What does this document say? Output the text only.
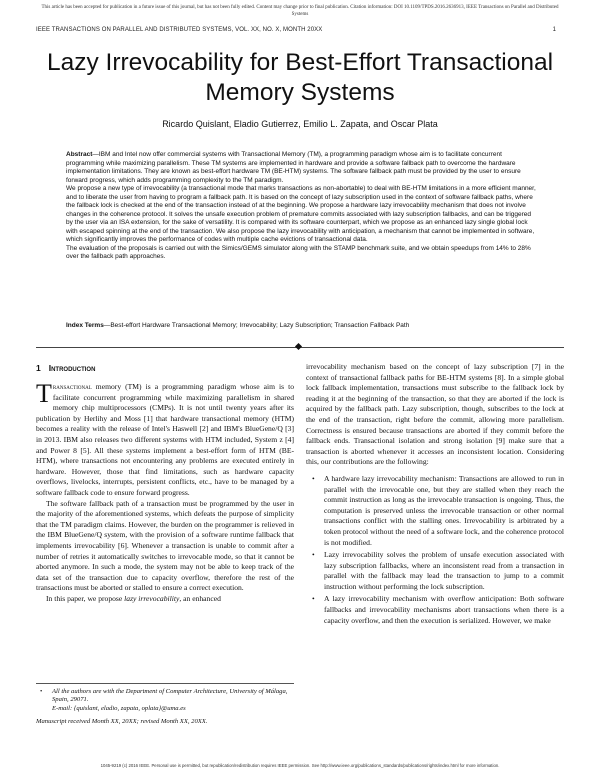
This article has been accepted for publication in a future issue of this journal, but has not been fully edited. Content may change prior to final publication. Citation information: DOI 10.1109/TPDS.2016.2636913, IEEE Transactions on Parallel and Distributed Systems
IEEE TRANSACTIONS ON PARALLEL AND DISTRIBUTED SYSTEMS, VOL. XX, NO. X, MONTH 20XX	1
Lazy Irrevocability for Best-Effort Transactional Memory Systems
Ricardo Quislant, Eladio Gutierrez, Emilio L. Zapata, and Oscar Plata

Abstract—IBM and Intel now offer commercial systems with Transactional Memory (TM), a programming paradigm whose aim is to facilitate concurrent programming while maximizing parallelism. These TM systems are implemented in hardware and provide a software fallback path to overcome the hardware implementation limitations. They are known as best-effort hardware TM (BE-HTM) systems. The software fallback path must be provided by the user to ensure forward progress, which adds programming complexity to the TM paradigm.

We propose a new type of irrevocability (a transactional mode that marks transactions as non-abortable) to deal with BE-HTM limitations in a more efficient manner, and to liberate the user from having to program a fallback path. It is based on the concept of lazy subscription used in the context of software fallback paths, where the fallback lock is checked at the end of the transaction instead of at the beginning. We propose a hardware lazy irrevocability mechanism that does not involve changes in the coherence protocol. It solves the unsafe execution problem of premature commits associated with lazy subscription fallbacks, and can be triggered by the user via an ISA extension, for the sake of versatility. It is compared with its software counterpart, which we propose as an enhanced lazy single global lock with escaped spinning at the end of the transaction. We also propose the lazy irrevocability with anticipation, a mechanism that cannot be implemented in software, which significantly improves the performance of codes with multiple cache evictions of transactional data.

The evaluation of the proposals is carried out with the Simics/GEMS simulator along with the STAMP benchmark suite, and we obtain speedups from 14% to 28% over the fallback path approaches.

Index Terms—Best-effort Hardware Transactional Memory; Irrevocability; Lazy Subscription; Transaction Fallback Path
1 Introduction

Transactional memory (TM) is a programming paradigm whose aim is to facilitate concurrent programming while maximizing parallelism in shared memory chip multiprocessors (CMPs). It is not until twenty years after its publication by Herlihy and Moss [1] that hardware transactional memory (HTM) becomes a reality with the release of Intel's Haswell [2] and IBM's BlueGene/Q [3] in 2013. IBM also releases two different systems with HTM included, System z [4] and Power 8 [5]. All these systems implement a best-effort form of HTM (BE-HTM), where transactions not encountering any problems are executed entirely in hardware. However, those that find limitations, such as hardware capacity overflows, livelocks, interrupts, persistent conflicts, etc., have to be managed by a software fallback code to ensure forward progress.

The software fallback path of a transaction must be programmed by the user in the majority of the aforementioned systems, which defeats the purpose of simplicity that the TM paradigm claims. However, the burden on the programmer is relieved in the IBM BlueGene/Q system, with the provision of a software runtime fallback that implements irrevocability [6]. Whenever a transaction is unable to commit after a number of retries it automatically switches to irrevocable mode, so that it cannot be aborted anymore. In such a mode, the system may not be able to keep track of the data set of the transaction due to capacity overflow, therefore the rest of the transactions must be aborted or stalled to ensure a correct execution.

In this paper, we propose lazy irrevocability, an enhanced

irrevocability mechanism based on the concept of lazy subscription [7] in the context of transactional fallback paths for BE-HTM systems [8]. In a simple global lock fallback implementation, transactions must subscribe to the fallback lock by reading it at the beginning of the transaction, so that they are aborted if the lock is acquired by the fallback path. Lazy subscription, though, subscribes to the lock at the end of the transaction, right before the commit, allowing more parallelism. Correctness is ensured because transactions are aborted if they commit before the fallback ends. Transactional isolation and strong isolation [9] make sure that a transaction is aborted whenever it accesses an inconsistent location. Considering this, our contributions are the following:

• A hardware lazy irrevocability mechanism: Transactions are allowed to run in parallel with the irrevocable one, but they are stalled when they reach the commit instruction as long as the irrevocable transaction is ongoing. Thus, the computation is preserved unless the irrevocable transaction or other normal transactions conflict with the stalling ones. Irrevocability is arbitrated by a token protocol without the need of a software lock, and the coherence protocol is not modified.
• Lazy irrevocability solves the problem of unsafe execution associated with lazy subscription fallbacks, where an inconsistent read from a transaction in parallel with the fallback may lead the transaction to jump to a commit instruction without performing the lock subscription.
• A lazy irrevocability mechanism with overflow anticipation: Both software fallbacks and irrevocability mechanisms abort transactions when there is a capacity overflow, and then the execution is serialized. However, we make

• All the authors are with the Department of Computer Architecture, University of Málaga, Spain, 29071.

E-mail: {quislant, eladio, zapata, oplata}@uma.es

Manuscript received Month XX, 20XX; revised Month XX, 20XX.

1045-9219 (c) 2016 IEEE. Personal use is permitted, but republication/redistribution requires IEEE permission. See http://www.ieee.org/publications_standards/publications/rights/index.html for more information.
